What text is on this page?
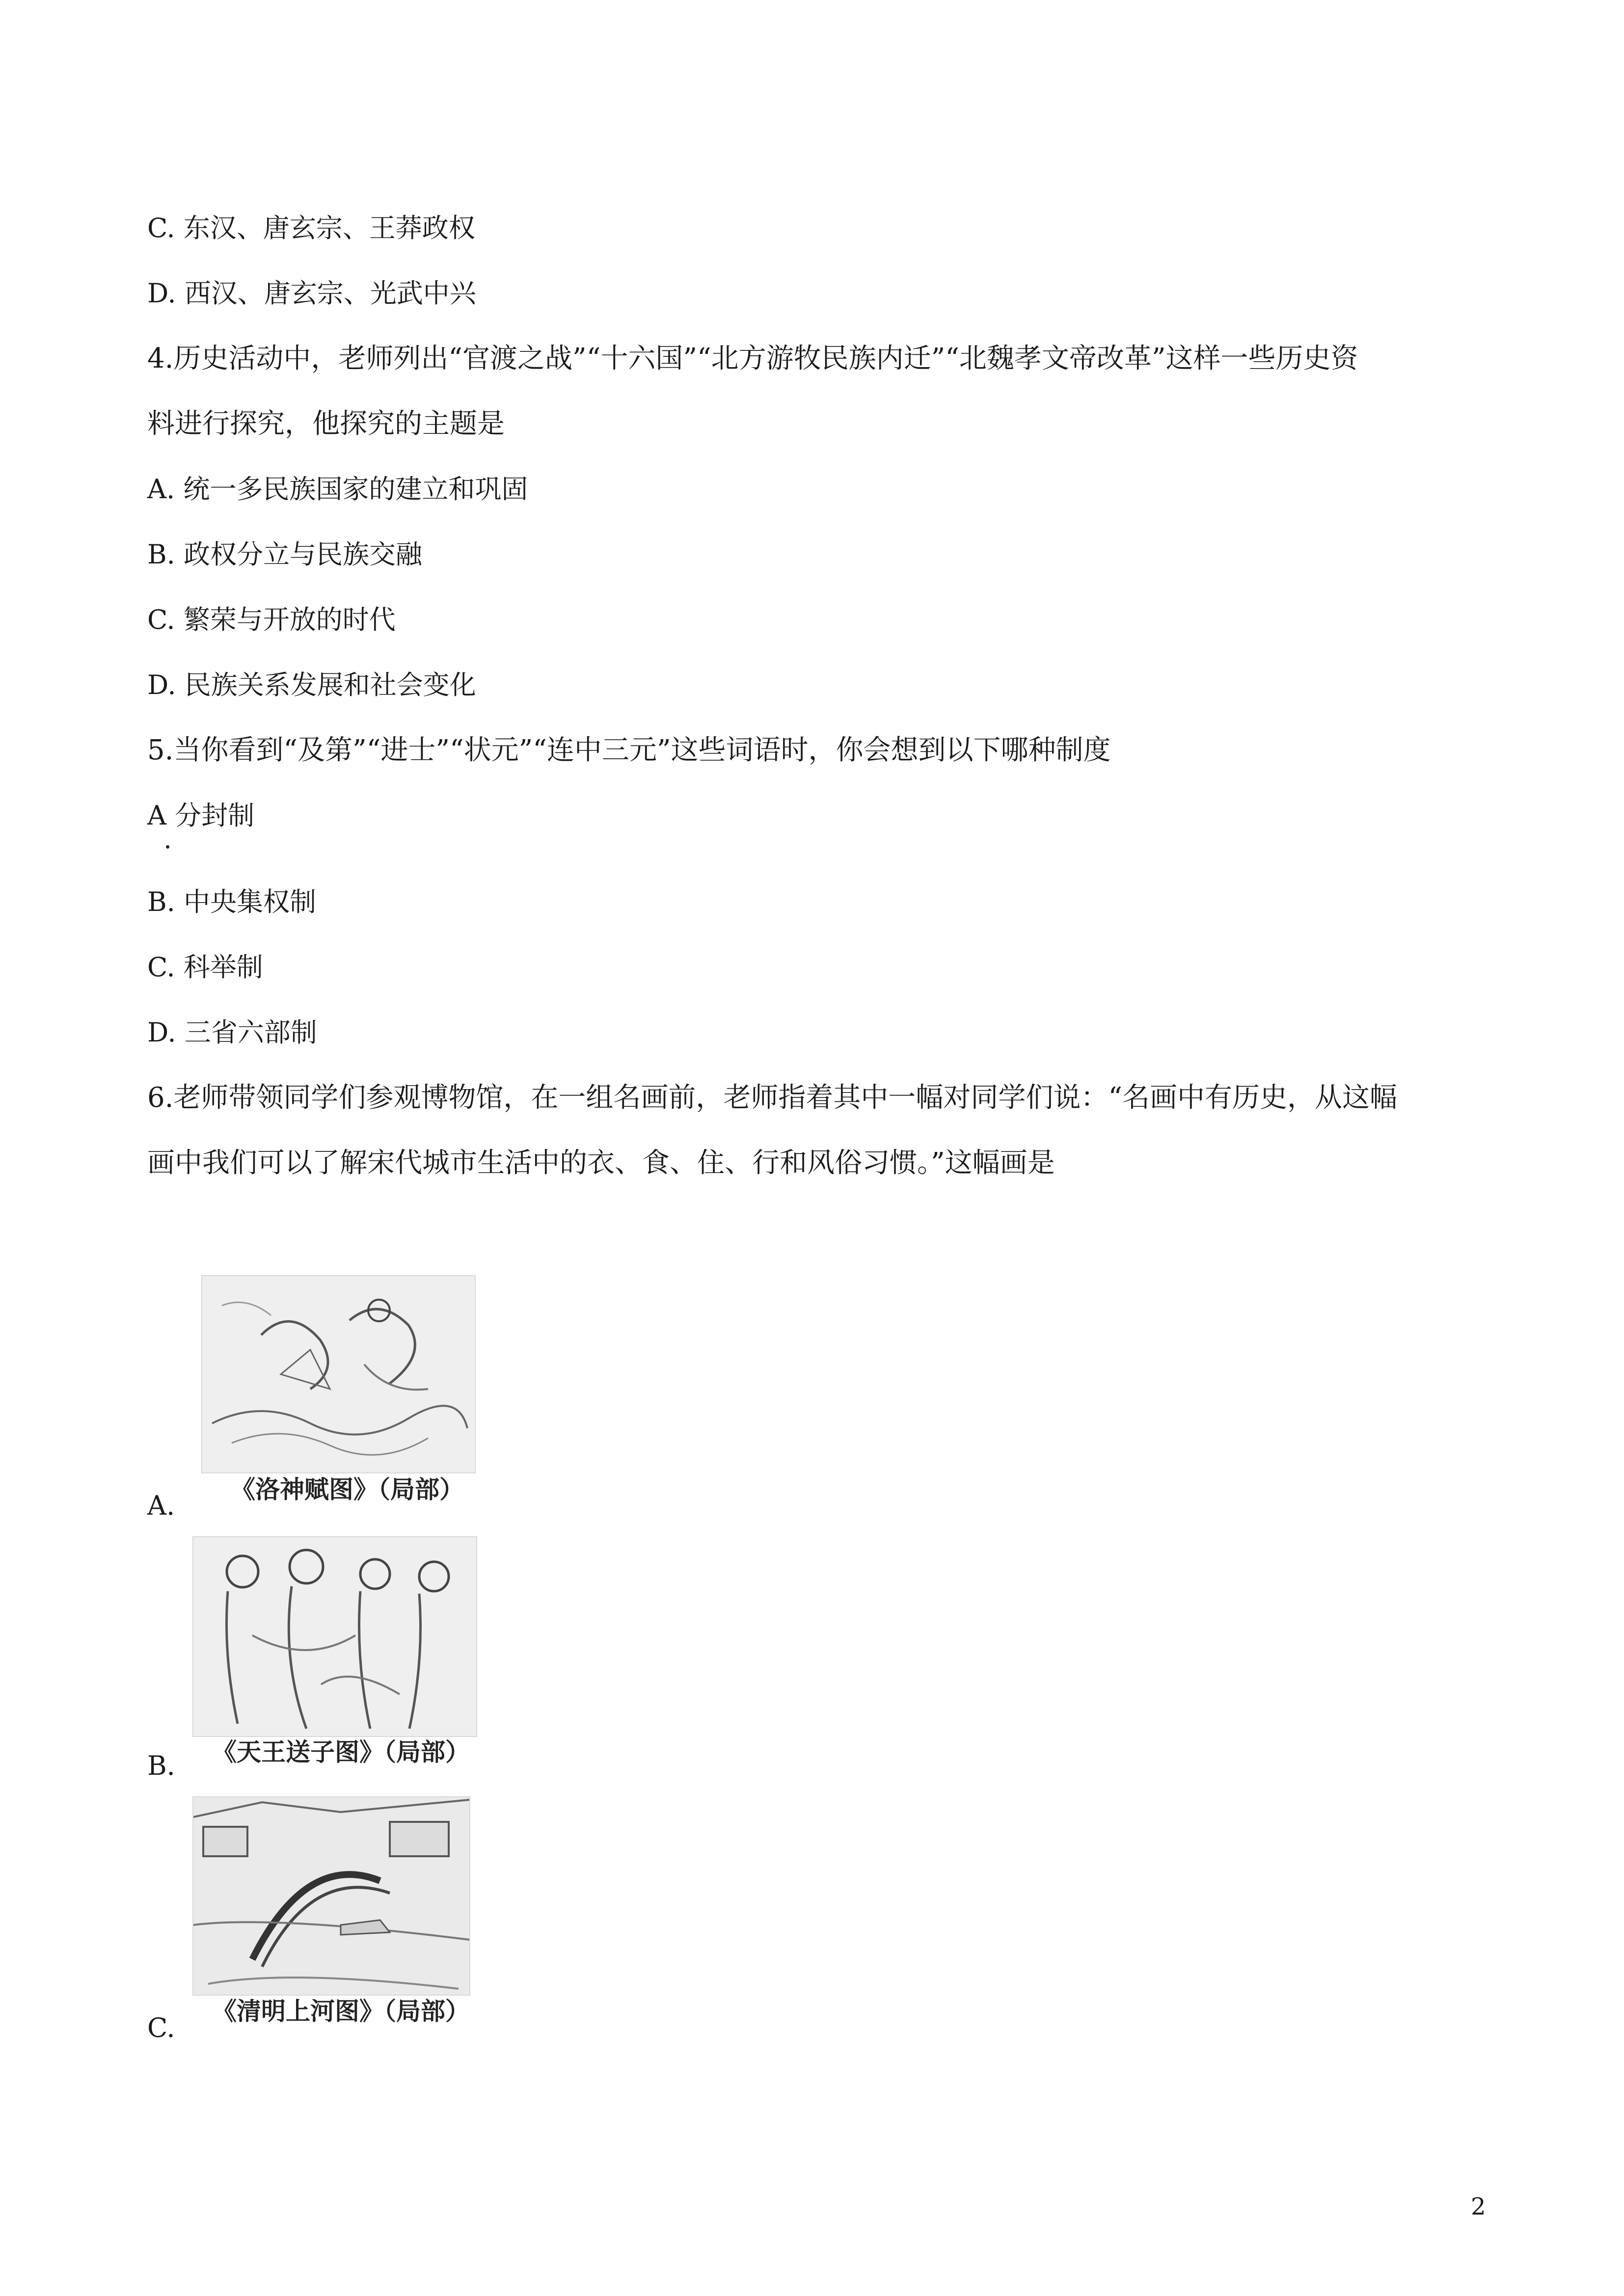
C. 东汉、唐玄宗、王莽政权
D. 西汉、唐玄宗、光武中兴
4.历史活动中，老师列出“官渡之战”“十六国”“北方游牧民族内迁”“北魏孝文帝改革”这样一些历史资
料进行探究，他探究的主题是
A. 统一多民族国家的建立和巩固
B. 政权分立与民族交融
C. 繁荣与开放的时代
D. 民族关系发展和社会变化
5.当你看到“及第”“进士”“状元”“连中三元”这些词语时，你会想到以下哪种制度
A 分封制
B. 中央集权制
C. 科举制
D. 三省六部制
6.老师带领同学们参观博物馆，在一组名画前，老师指着其中一幅对同学们说：“名画中有历史，从这幅
画中我们可以了解宋代城市生活中的衣、食、住、行和风俗习惯。”这幅画是
《洛神赋图》（局部）
A.
《天王送子图》（局部）
B.
《清明上河图》（局部）
C.
2
